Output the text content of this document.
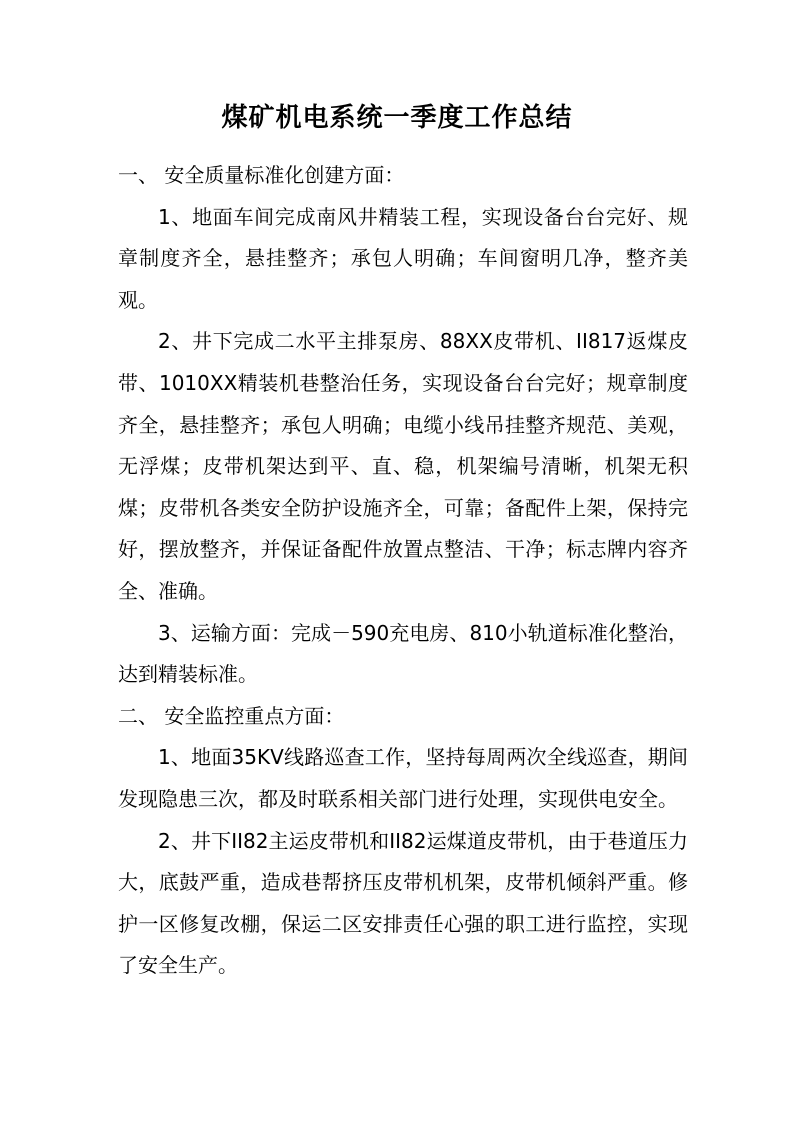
煤矿机电系统一季度工作总结

一、 安全质量标准化创建方面：

1、地面车间完成南风井精装工程，实现设备台台完好、规章制度齐全，悬挂整齐；承包人明确；车间窗明几净，整齐美观。

2、井下完成二水平主排泵房、88XX皮带机、II817返煤皮带、1010XX精装机巷整治任务，实现设备台台完好；规章制度齐全，悬挂整齐；承包人明确；电缆小线吊挂整齐规范、美观，无浮煤；皮带机架达到平、直、稳，机架编号清晰，机架无积煤；皮带机各类安全防护设施齐全，可靠；备配件上架，保持完好，摆放整齐，并保证备配件放置点整洁、干净；标志牌内容齐全、准确。

3、运输方面：完成－590充电房、810小轨道标准化整治，达到精装标准。

二、 安全监控重点方面：

1、地面35KV线路巡查工作，坚持每周两次全线巡查，期间发现隐患三次，都及时联系相关部门进行处理，实现供电安全。

2、井下II82主运皮带机和II82运煤道皮带机，由于巷道压力大，底鼓严重，造成巷帮挤压皮带机机架，皮带机倾斜严重。修护一区修复改棚，保运二区安排责任心强的职工进行监控，实现了安全生产。
